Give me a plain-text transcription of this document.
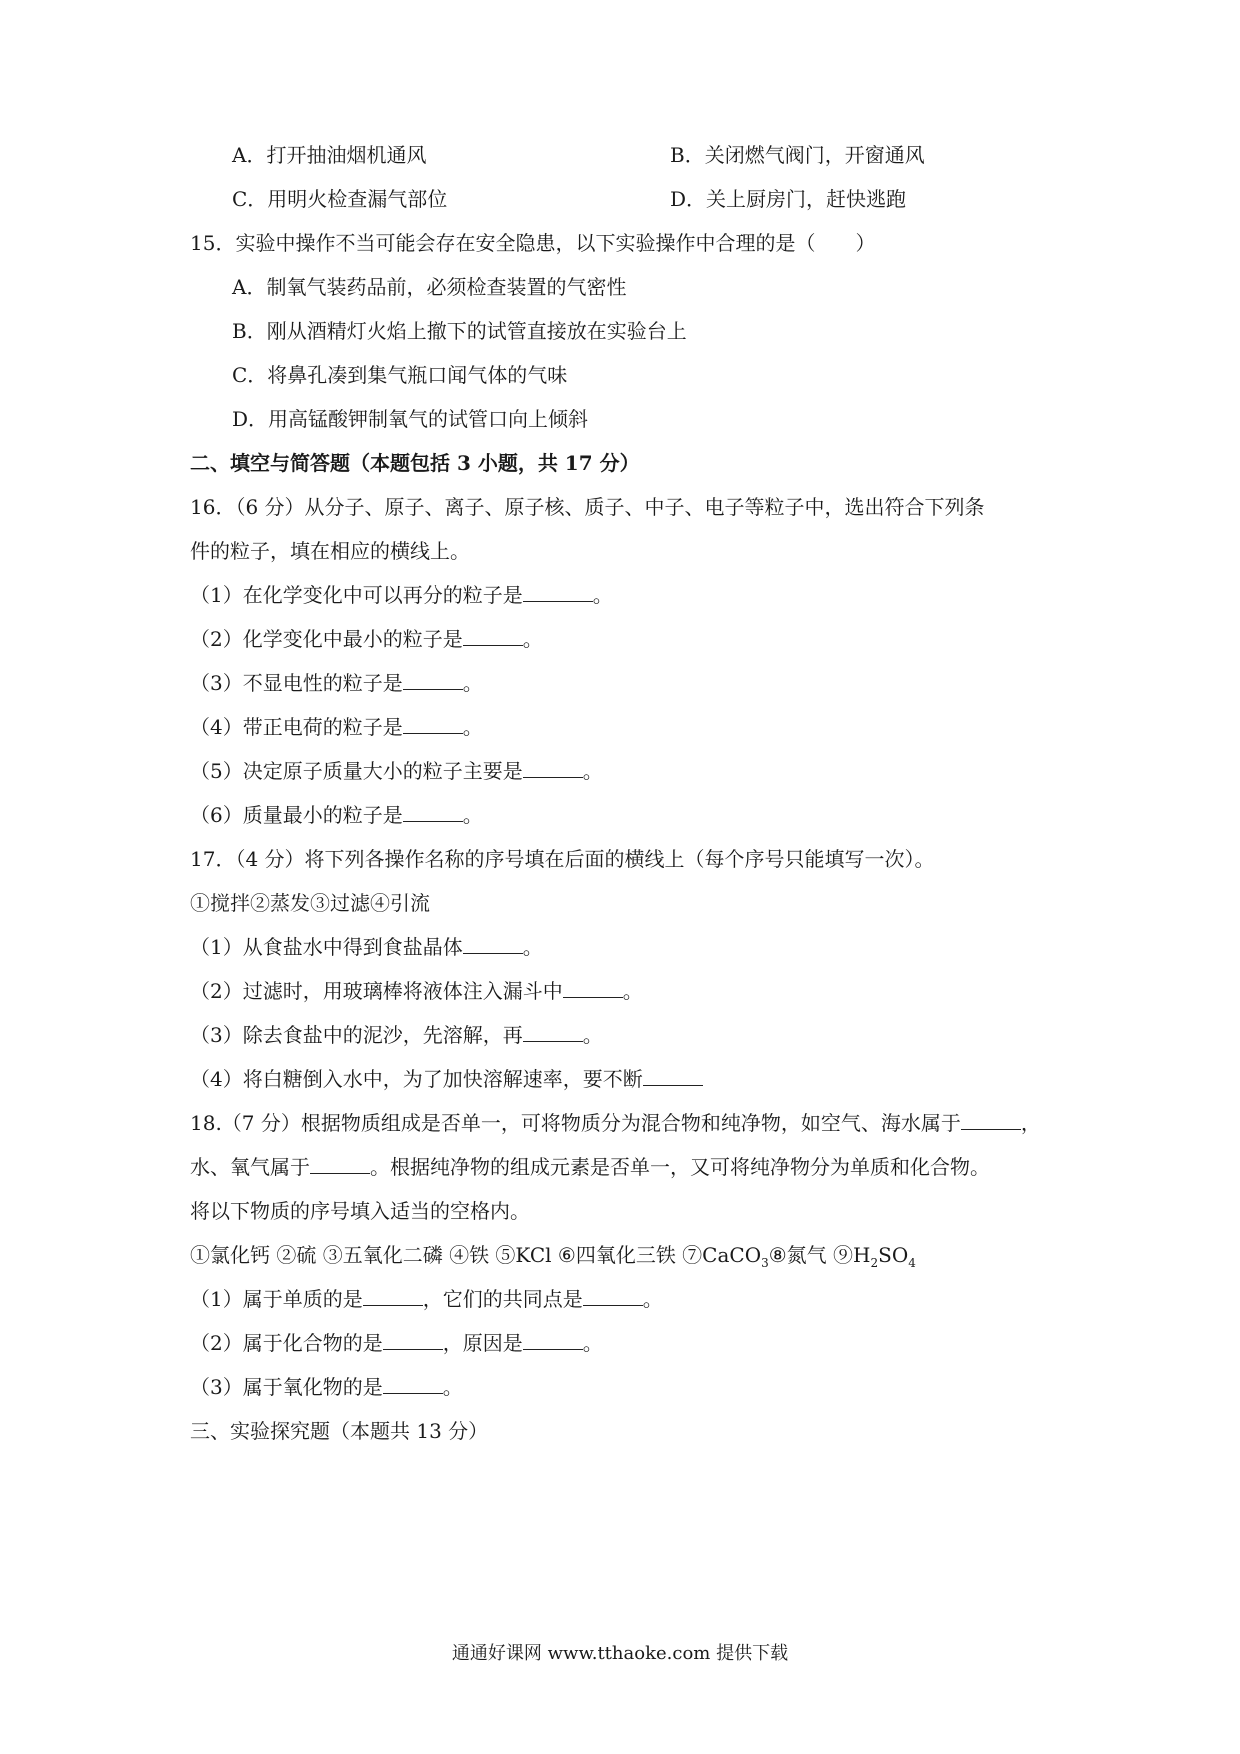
A．打开抽油烟机通风	B．关闭燃气阀门，开窗通风
C．用明火检查漏气部位	D．关上厨房门，赶快逃跑
15．实验中操作不当可能会存在安全隐患，以下实验操作中合理的是（　　）
A．制氧气装药品前，必须检查装置的气密性
B．刚从酒精灯火焰上撤下的试管直接放在实验台上
C．将鼻孔凑到集气瓶口闻气体的气味
D．用高锰酸钾制氧气的试管口向上倾斜
二、填空与简答题（本题包括 3 小题，共 17 分）
16．（6 分）从分子、原子、离子、原子核、质子、中子、电子等粒子中，选出符合下列条
件的粒子，填在相应的横线上。
（1）在化学变化中可以再分的粒子是	。
（2）化学变化中最小的粒子是	。
（3）不显电性的粒子是	。
（4）带正电荷的粒子是	。
（5）决定原子质量大小的粒子主要是	。
（6）质量最小的粒子是	。
17．（4 分）将下列各操作名称的序号填在后面的横线上（每个序号只能填写一次）。
①搅拌②蒸发③过滤④引流
（1）从食盐水中得到食盐晶体	。
（2）过滤时，用玻璃棒将液体注入漏斗中	。
（3）除去食盐中的泥沙，先溶解，再	。
（4）将白糖倒入水中，为了加快溶解速率，要不断
18.（7 分）根据物质组成是否单一，可将物质分为混合物和纯净物，如空气、海水属于	，
水、氧气属于	。根据纯净物的组成元素是否单一，又可将纯净物分为单质和化合物。
将以下物质的序号填入适当的空格内。
①氯化钙 ②硫 ③五氧化二磷 ④铁 ⑤KCl ⑥四氧化三铁 ⑦CaCO$_3$⑧氮气 $⑨H_2SO_4$
（1）属于单质的是	，它们的共同点是	。
（2）属于化合物的是	，原因是	。
（3）属于氧化物的是	。
三、实验探究题（本题共 13 分）
通通好课网 www.tthaoke.com 提供下载
